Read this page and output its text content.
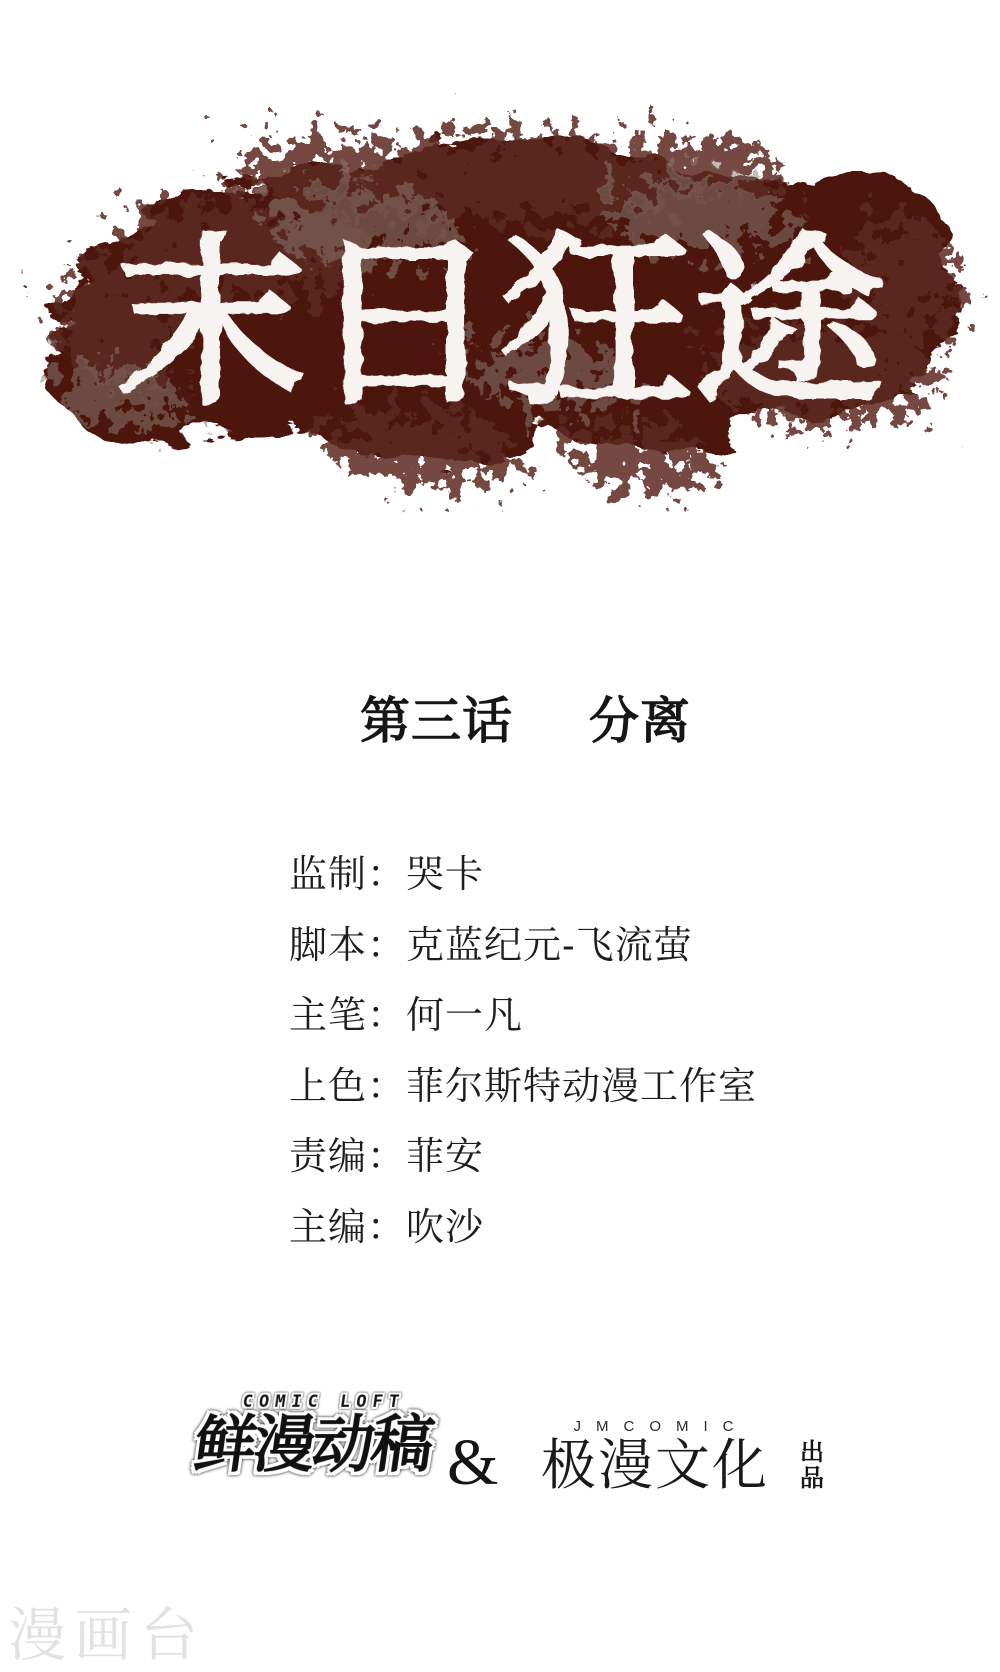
末日狂途
第三话 分离
监制：哭卡
脚本：克蓝纪元-飞流萤
主笔：何一凡
上色：菲尔斯特动漫工作室
责编：菲安
主编：吹沙
COMIC LOFT
鲜漫动稿 &	JMCOMIC
极漫文化 出品
漫画台
